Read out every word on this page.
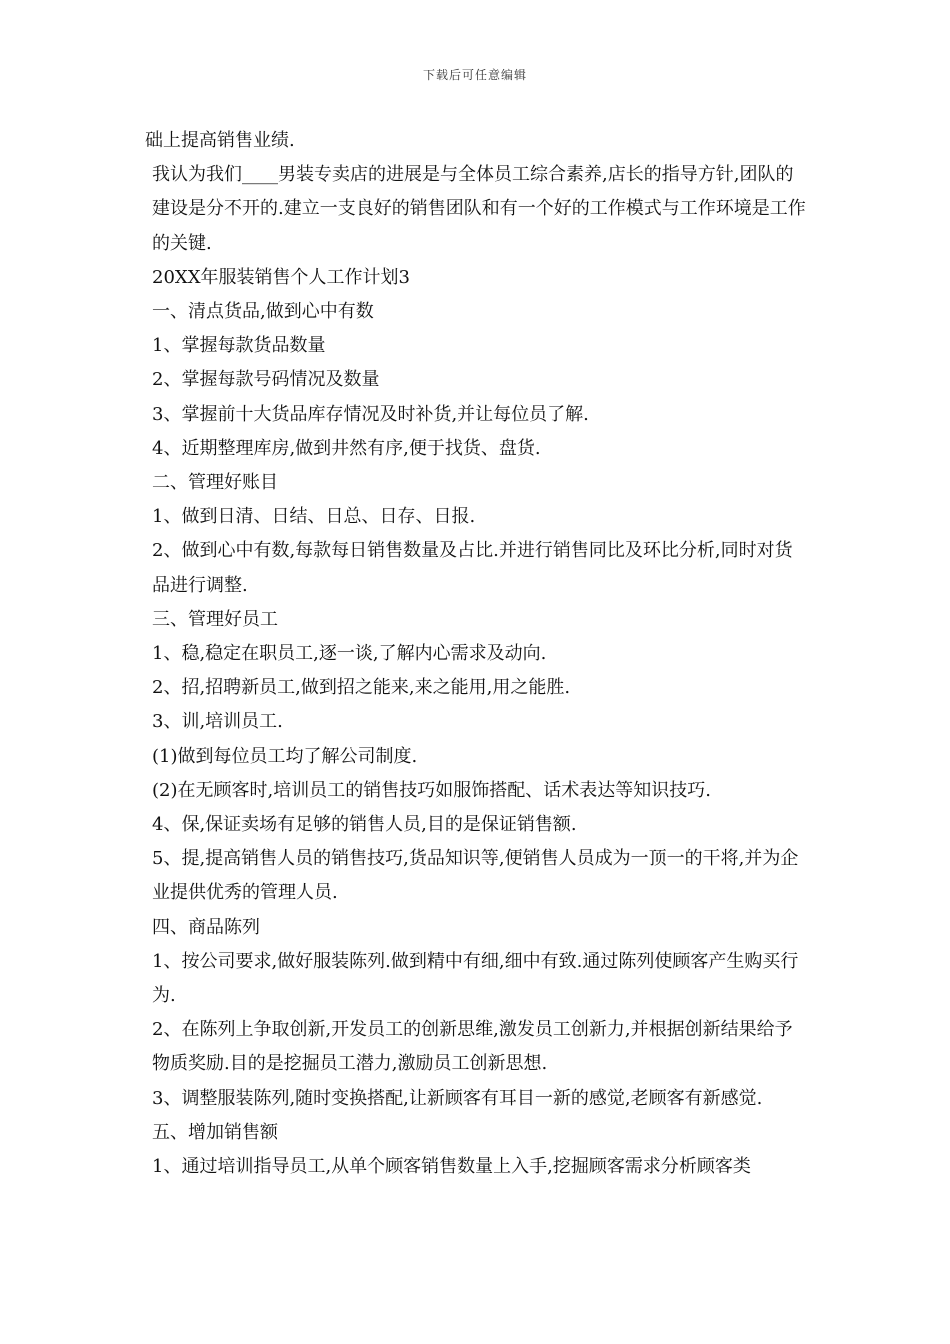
下载后可任意编辑

础上提高销售业绩.

我认为我们____男装专卖店的进展是与全体员工综合素养,店长的指导方针,团队的建设是分不开的.建立一支良好的销售团队和有一个好的工作模式与工作环境是工作的关键.

20XX年服装销售个人工作计划3

一、清点货品,做到心中有数

1、掌握每款货品数量

2、掌握每款号码情况及数量

3、掌握前十大货品库存情况及时补货,并让每位员了解.

4、近期整理库房,做到井然有序,便于找货、盘货.

二、管理好账目

1、做到日清、日结、日总、日存、日报.

2、做到心中有数,每款每日销售数量及占比.并进行销售同比及环比分析,同时对货品进行调整.

三、管理好员工

1、稳,稳定在职员工,逐一谈,了解内心需求及动向.

2、招,招聘新员工,做到招之能来,来之能用,用之能胜.

3、训,培训员工.

(1)做到每位员工均了解公司制度.

(2)在无顾客时,培训员工的销售技巧如服饰搭配、话术表达等知识技巧.

4、保,保证卖场有足够的销售人员,目的是保证销售额.

5、提,提高销售人员的销售技巧,货品知识等,便销售人员成为一顶一的干将,并为企业提供优秀的管理人员.

四、商品陈列

1、按公司要求,做好服装陈列.做到精中有细,细中有致.通过陈列使顾客产生购买行为.

2、在陈列上争取创新,开发员工的创新思维,激发员工创新力,并根据创新结果给予物质奖励.目的是挖掘员工潜力,激励员工创新思想.

3、调整服装陈列,随时变换搭配,让新顾客有耳目一新的感觉,老顾客有新感觉.

五、增加销售额

1、通过培训指导员工,从单个顾客销售数量上入手,挖掘顾客需求分析顾客类
